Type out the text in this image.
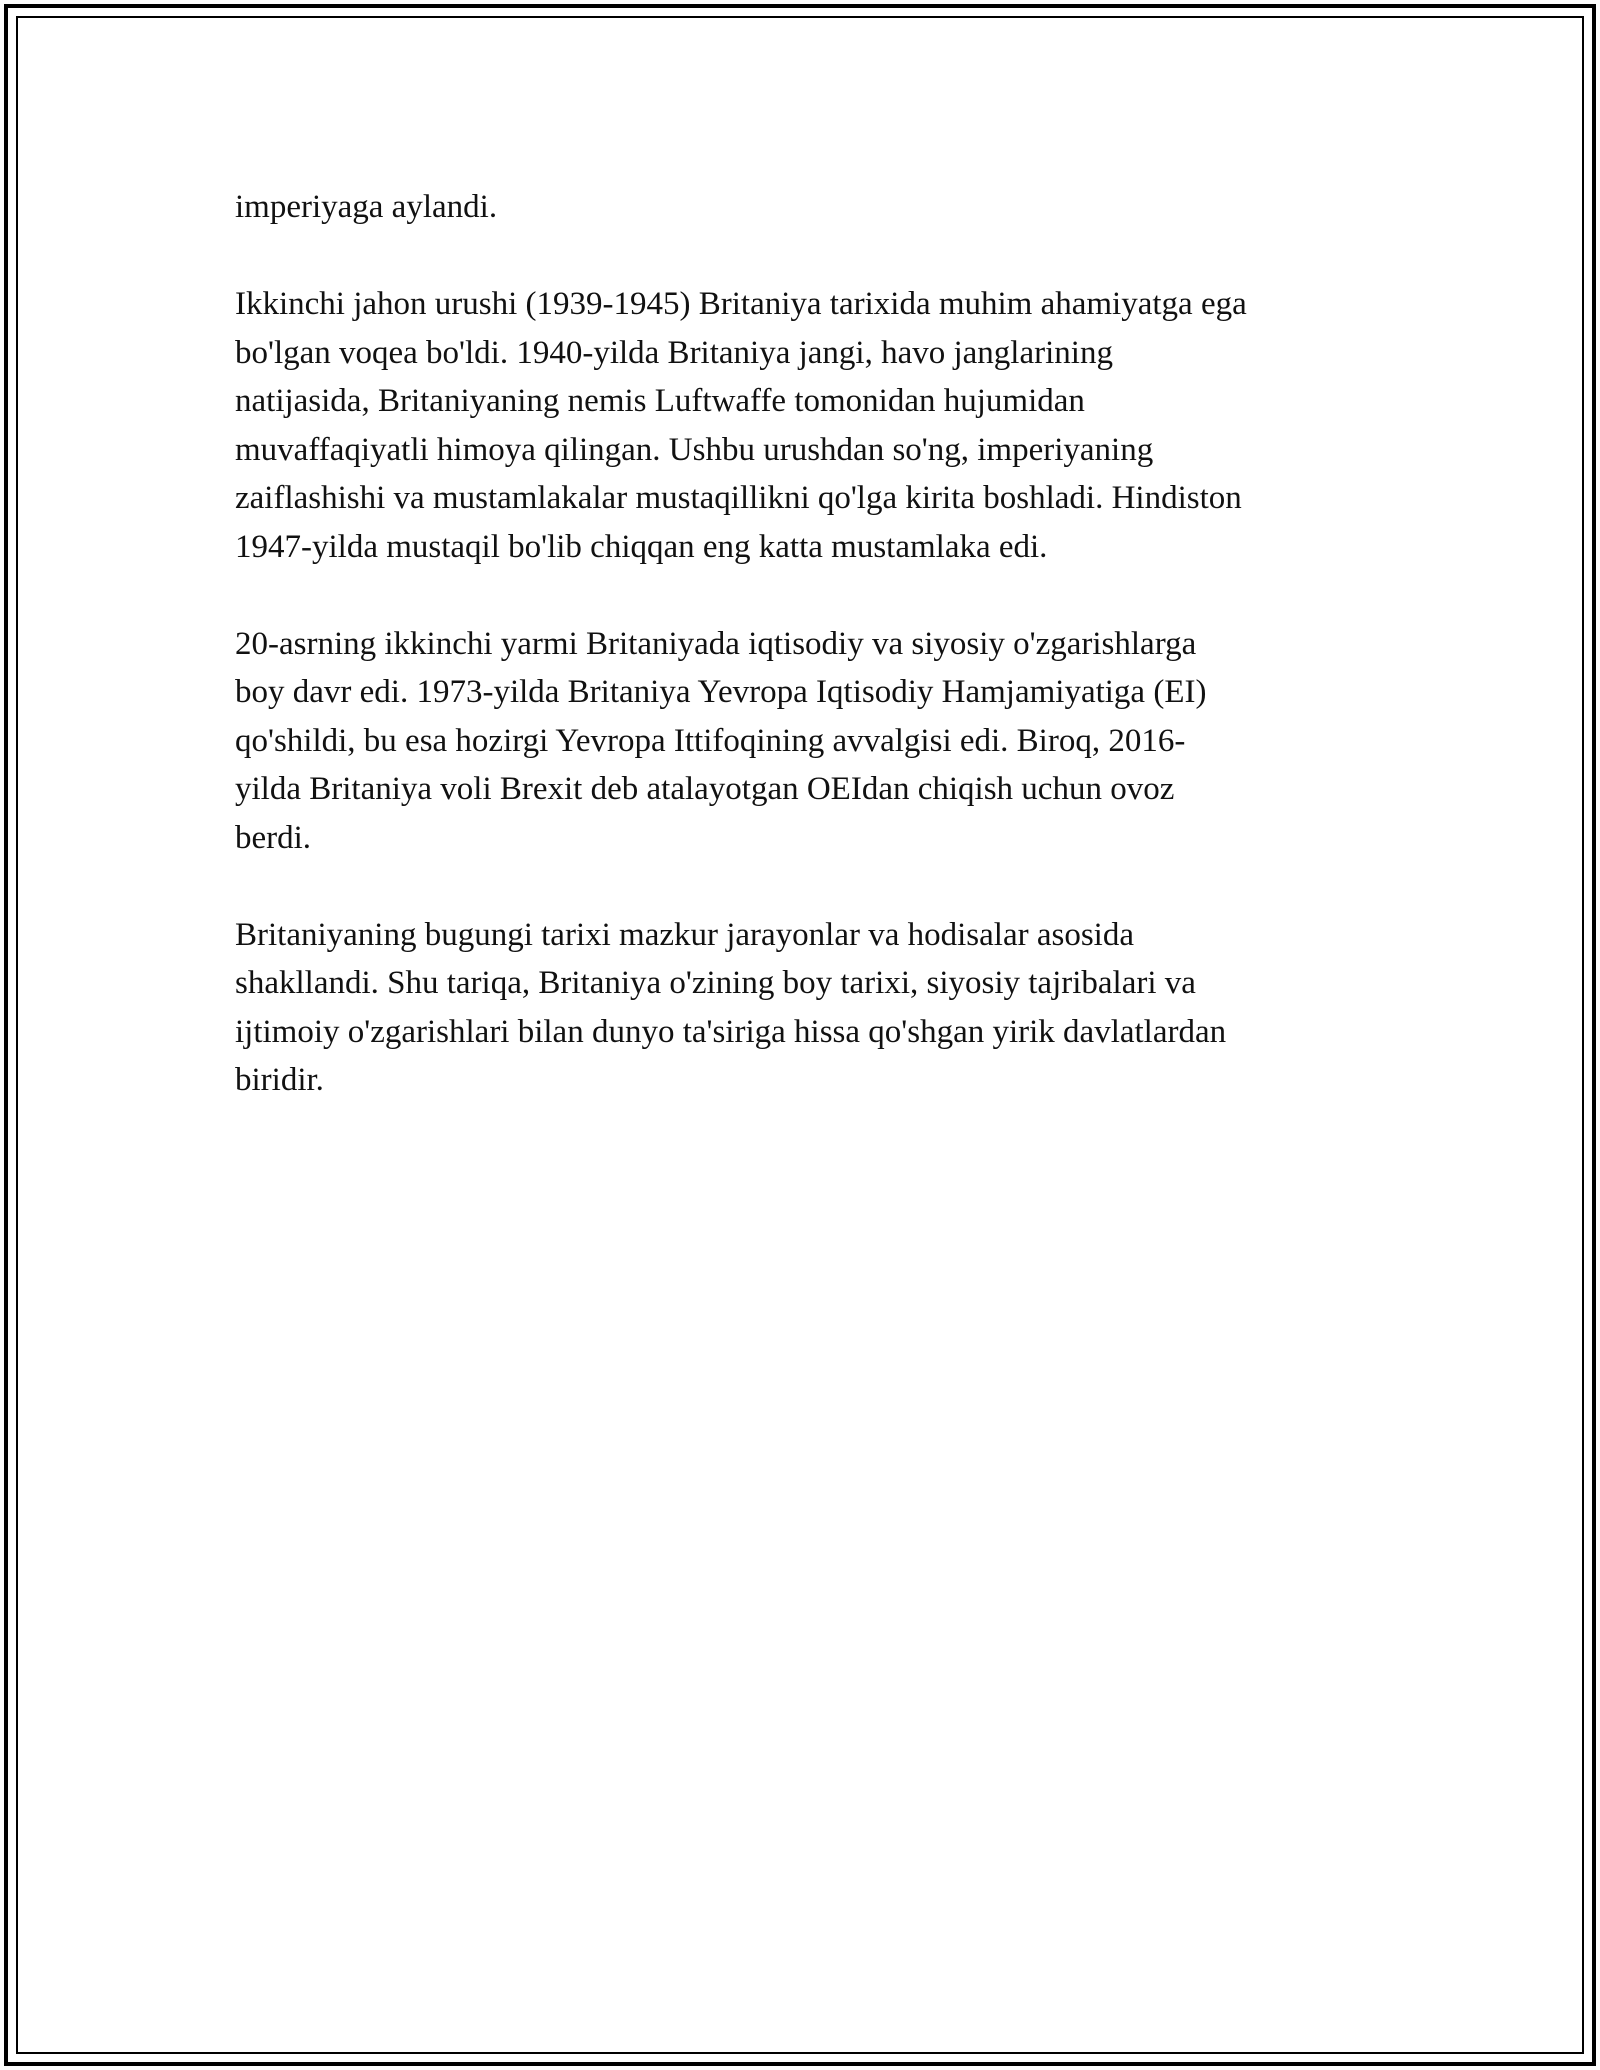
imperiyaga aylandi.

Ikkinchi jahon urushi (1939-1945) Britaniya tarixida muhim ahamiyatga ega
bo'lgan voqea bo'ldi. 1940-yilda Britaniya jangi, havo janglarining
natijasida, Britaniyaning nemis Luftwaffe tomonidan hujumidan
muvaffaqiyatli himoya qilingan. Ushbu urushdan so'ng, imperiyaning
zaiflashishi va mustamlakalar mustaqillikni qo'lga kirita boshladi. Hindiston
1947-yilda mustaqil bo'lib chiqqan eng katta mustamlaka edi.

20-asrning ikkinchi yarmi Britaniyada iqtisodiy va siyosiy o'zgarishlarga
boy davr edi. 1973-yilda Britaniya Yevropa Iqtisodiy Hamjamiyatiga (EI)
qo'shildi, bu esa hozirgi Yevropa Ittifoqining avvalgisi edi. Biroq, 2016-
yilda Britaniya voli Brexit deb atalayotgan OEIdan chiqish uchun ovoz
berdi.

Britaniyaning bugungi tarixi mazkur jarayonlar va hodisalar asosida
shakllandi. Shu tariqa, Britaniya o'zining boy tarixi, siyosiy tajribalari va
ijtimoiy o'zgarishlari bilan dunyo ta'siriga hissa qo'shgan yirik davlatlardan
biridir.
